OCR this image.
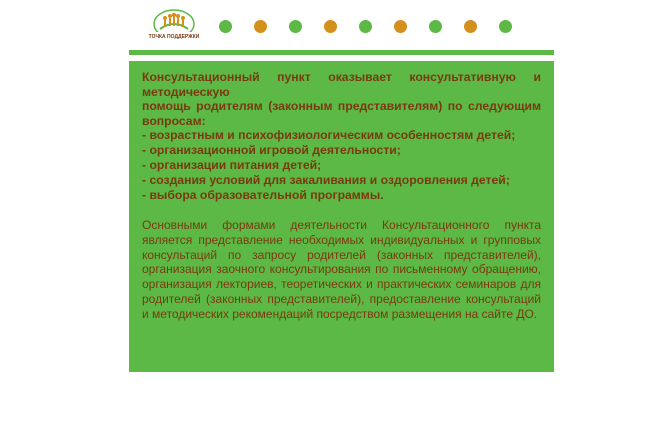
ТОЧКА ПОДДЕРЖКИ

Консультационный пункт оказывает консультативную и методическую
помощь родителям (законным представителям) по следующим вопросам:

- возрастным и психофизиологическим особенностям детей;
- организационной игровой деятельности;
- организации питания детей;
- создания условий для закаливания и оздоровления детей;
- выбора образовательной программы.

Основными формами деятельности Консультационного пункта является представление необходимых индивидуальных и групповых консультаций по запросу родителей (законных представителей), организация заочного консультирования по письменному обращению, организация лекториев, теоретических и практических семинаров для родителей (законных представителей), предоставление консультаций и методических рекомендаций посредством размещения на сайте ДО.
